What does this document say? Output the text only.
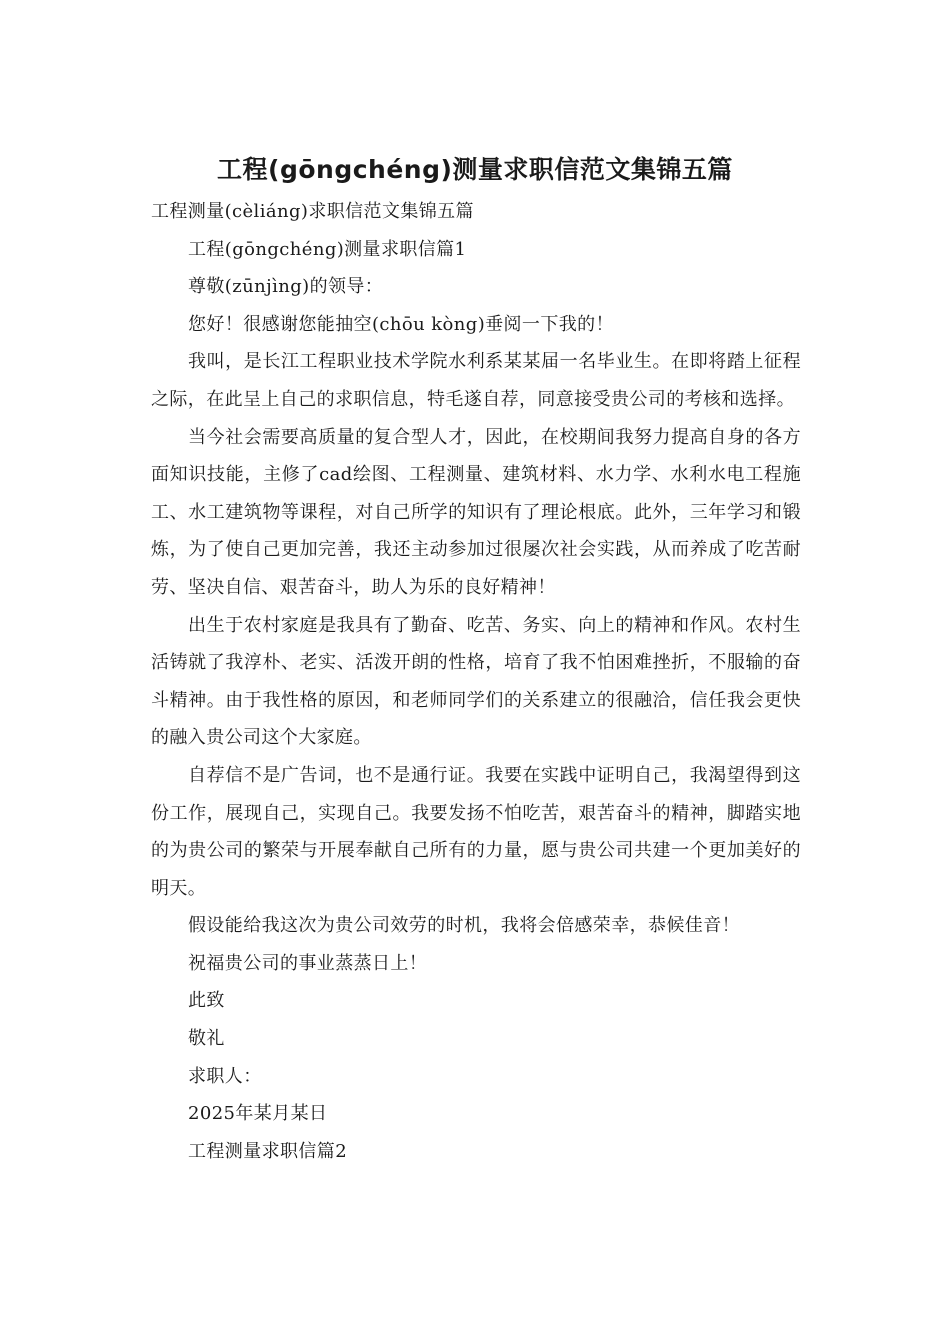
工程(gōngchéng)测量求职信范文集锦五篇

工程测量(cèliáng)求职信范文集锦五篇

工程(gōngchéng)测量求职信篇1

尊敬(zūnjìng)的领导：

您好！很感谢您能抽空(chōu kòng)垂阅一下我的！

我叫，是长江工程职业技术学院水利系某某届一名毕业生。在即将踏上征程之际，在此呈上自己的求职信息，特毛遂自荐，同意接受贵公司的考核和选择。

当今社会需要高质量的复合型人才，因此，在校期间我努力提高自身的各方面知识技能，主修了cad绘图、工程测量、建筑材料、水力学、水利水电工程施工、水工建筑物等课程，对自己所学的知识有了理论根底。此外，三年学习和锻炼，为了使自己更加完善，我还主动参加过很屡次社会实践，从而养成了吃苦耐劳、坚决自信、艰苦奋斗，助人为乐的良好精神！

出生于农村家庭是我具有了勤奋、吃苦、务实、向上的精神和作风。农村生活铸就了我淳朴、老实、活泼开朗的性格，培育了我不怕困难挫折，不服输的奋斗精神。由于我性格的原因，和老师同学们的关系建立的很融洽，信任我会更快的融入贵公司这个大家庭。

自荐信不是广告词，也不是通行证。我要在实践中证明自己，我渴望得到这份工作，展现自己，实现自己。我要发扬不怕吃苦，艰苦奋斗的精神，脚踏实地的为贵公司的繁荣与开展奉献自己所有的力量，愿与贵公司共建一个更加美好的明天。

假设能给我这次为贵公司效劳的时机，我将会倍感荣幸，恭候佳音！

祝福贵公司的事业蒸蒸日上！

此致

敬礼

求职人：

2025年某月某日

工程测量求职信篇2
